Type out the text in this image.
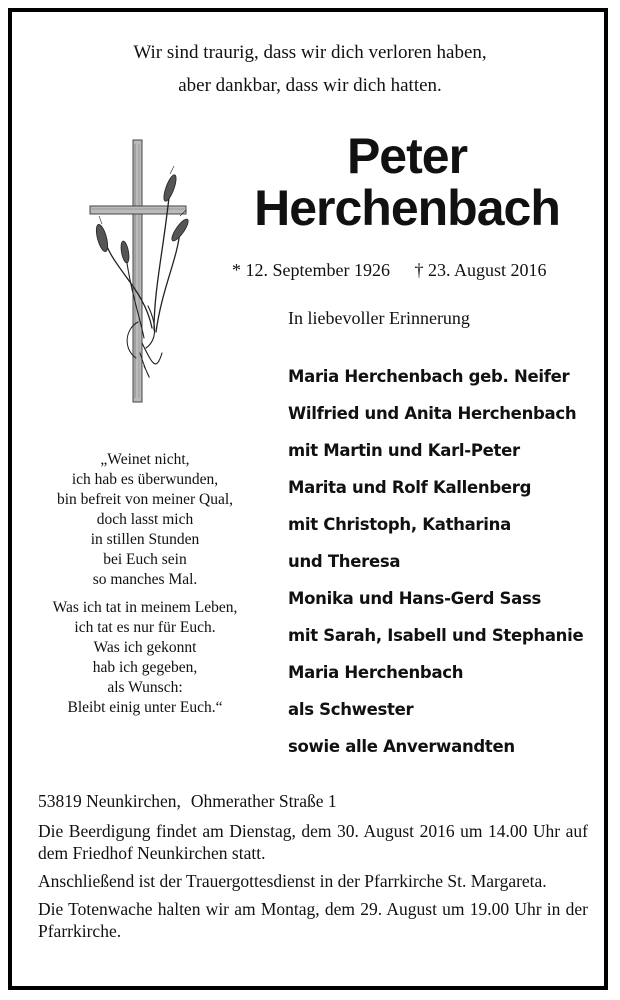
Wir sind traurig, dass wir dich verloren haben,
aber dankbar, dass wir dich hatten.
Peter
Herchenbach
* 12. September 1926 † 23. August 2016
In liebevoller Erinnerung
Maria Herchenbach geb. Neifer
Wilfried und Anita Herchenbach
mit Martin und Karl-Peter
Marita und Rolf Kallenberg
mit Christoph, Katharina
und Theresa
Monika und Hans-Gerd Sass
mit Sarah, Isabell und Stephanie
Maria Herchenbach
als Schwester
sowie alle Anverwandten
„Weinet nicht,
ich hab es überwunden,
bin befreit von meiner Qual,
doch lasst mich
in stillen Stunden
bei Euch sein
so manches Mal.
Was ich tat in meinem Leben,
ich tat es nur für Euch.
Was ich gekonnt
hab ich gegeben,
als Wunsch:
Bleibt einig unter Euch.“

53819 Neunkirchen, Ohmerather Straße 1

Die Beerdigung findet am Dienstag, dem 30. August 2016 um 14.00 Uhr auf dem Friedhof Neunkirchen statt.

Anschließend ist der Trauergottesdienst in der Pfarrkirche St. Margareta.

Die Totenwache halten wir am Montag, dem 29. August um 19.00 Uhr in der Pfarrkirche.
